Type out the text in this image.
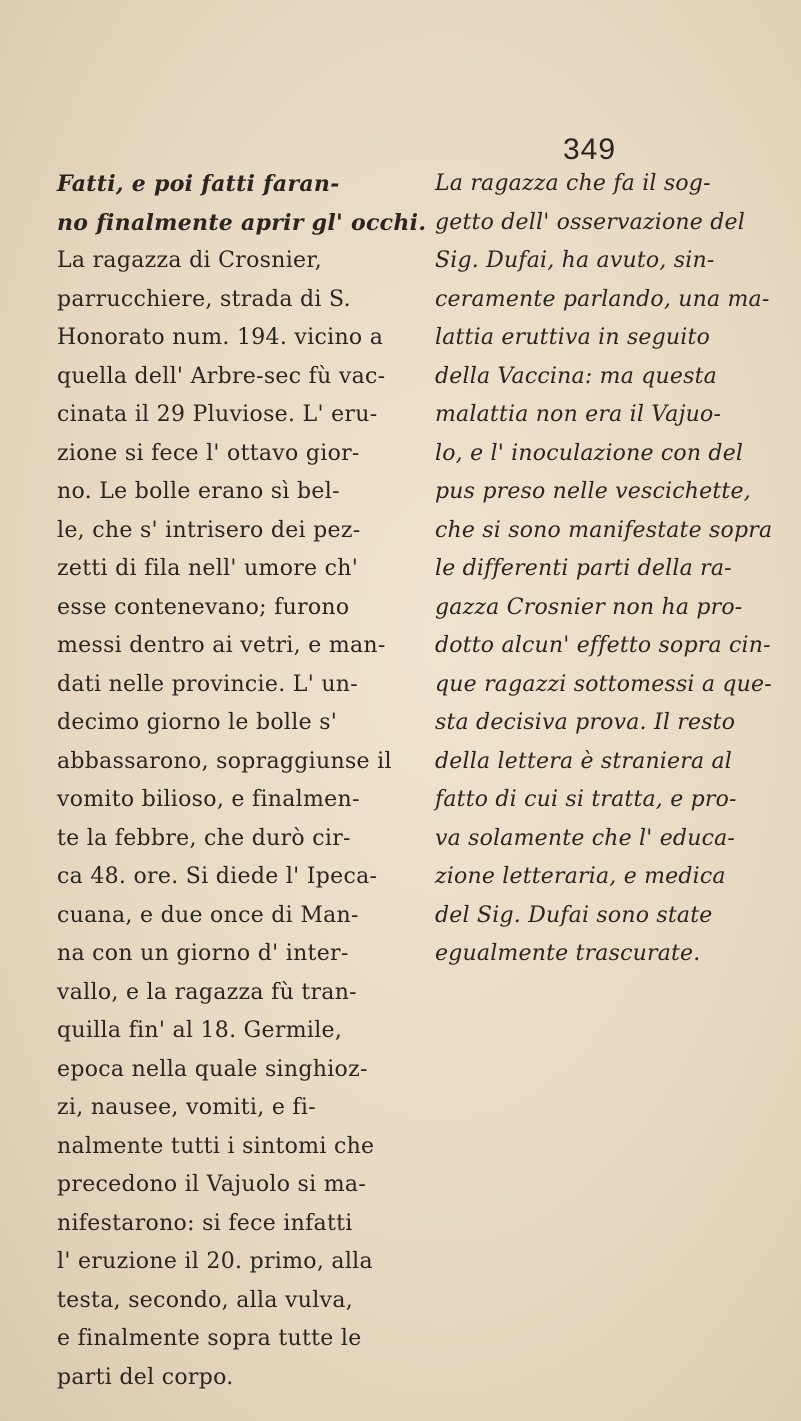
349
Fatti, e poi fatti faran-
no finalmente aprir gl' occhi.
La ragazza di Crosnier,
parrucchiere, strada di S.
Honorato num. 194. vicino a
quella dell' Arbre-sec fù vac-
cinata il 29 Pluviose. L' eru-
zione si fece l' ottavo gior-
no. Le bolle erano sì bel-
le, che s' intrisero dei pez-
zetti di fila nell' umore ch'
esse contenevano; furono
messi dentro ai vetri, e man-
dati nelle provincie. L' un-
decimo giorno le bolle s'
abbassarono, sopraggiunse il
vomito bilioso, e finalmen-
te la febbre, che durò cir-
ca 48. ore. Si diede l' Ipeca-
cuana, e due once di Man-
na con un giorno d' inter-
vallo, e la ragazza fù tran-
quilla fin' al 18. Germile,
epoca nella quale singhioz-
zi, nausee, vomiti, e fi-
nalmente tutti i sintomi che
precedono il Vajuolo si ma-
nifestarono: si fece infatti
l' eruzione il 20. primo, alla
testa, secondo, alla vulva,
e finalmente sopra tutte le
parti del corpo.
La ragazza che fa il sog-
getto dell' osservazione del
Sig. Dufai, ha avuto, sin-
ceramente parlando, una ma-
lattia eruttiva in seguito
della Vaccina: ma questa
malattia non era il Vajuo-
lo, e l' inoculazione con del
pus preso nelle vescichette,
che si sono manifestate sopra
le differenti parti della ra-
gazza Crosnier non ha pro-
dotto alcun' effetto sopra cin-
que ragazzi sottomessi a que-
sta decisiva prova. Il resto
della lettera è straniera al
fatto di cui si tratta, e pro-
va solamente che l' educa-
zione letteraria, e medica
del Sig. Dufai sono state
egualmente trascurate.
